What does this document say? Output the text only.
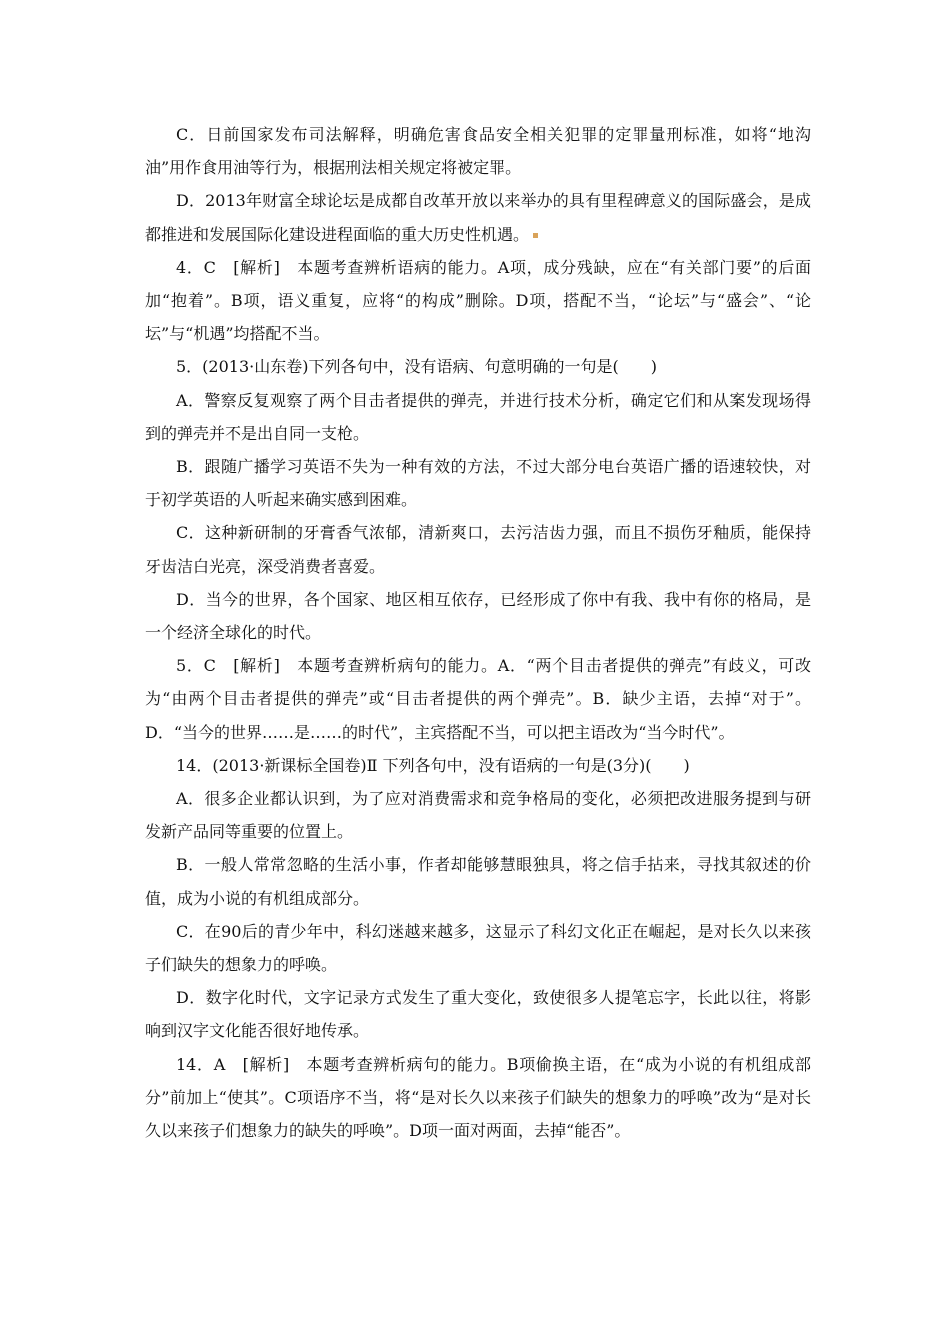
C．日前国家发布司法解释，明确危害食品安全相关犯罪的定罪量刑标准，如将“地沟油”用作食用油等行为，根据刑法相关规定将被定罪。

D．2013年财富全球论坛是成都自改革开放以来举办的具有里程碑意义的国际盛会，是成都推进和发展国际化建设进程面临的重大历史性机遇。

4．C　[解析]　本题考查辨析语病的能力。A项，成分残缺，应在“有关部门要”的后面加“抱着”。B项，语义重复，应将“的构成”删除。D项，搭配不当，“论坛”与“盛会”、“论坛”与“机遇”均搭配不当。

5．(2013·山东卷)下列各句中，没有语病、句意明确的一句是(　　)

A．警察反复观察了两个目击者提供的弹壳，并进行技术分析，确定它们和从案发现场得到的弹壳并不是出自同一支枪。

B．跟随广播学习英语不失为一种有效的方法，不过大部分电台英语广播的语速较快，对于初学英语的人听起来确实感到困难。

C．这种新研制的牙膏香气浓郁，清新爽口，去污洁齿力强，而且不损伤牙釉质，能保持牙齿洁白光亮，深受消费者喜爱。

D．当今的世界，各个国家、地区相互依存，已经形成了你中有我、我中有你的格局，是一个经济全球化的时代。

5．C　[解析]　本题考查辨析病句的能力。A．“两个目击者提供的弹壳”有歧义，可改为“由两个目击者提供的弹壳”或“目击者提供的两个弹壳”。B．缺少主语，去掉“对于”。D．“当今的世界……是……的时代”，主宾搭配不当，可以把主语改为“当今时代”。

14．(2013·新课标全国卷)Ⅱ 下列各句中，没有语病的一句是(3分)(　　)

A．很多企业都认识到，为了应对消费需求和竞争格局的变化，必须把改进服务提到与研发新产品同等重要的位置上。

B．一般人常常忽略的生活小事，作者却能够慧眼独具，将之信手拈来，寻找其叙述的价值，成为小说的有机组成部分。

C．在90后的青少年中，科幻迷越来越多，这显示了科幻文化正在崛起，是对长久以来孩子们缺失的想象力的呼唤。

D．数字化时代，文字记录方式发生了重大变化，致使很多人提笔忘字，长此以往，将影响到汉字文化能否很好地传承。

14．A　[解析]　本题考查辨析病句的能力。B项偷换主语，在“成为小说的有机组成部分”前加上“使其”。C项语序不当，将“是对长久以来孩子们缺失的想象力的呼唤”改为“是对长久以来孩子们想象力的缺失的呼唤”。D项一面对两面，去掉“能否”。
